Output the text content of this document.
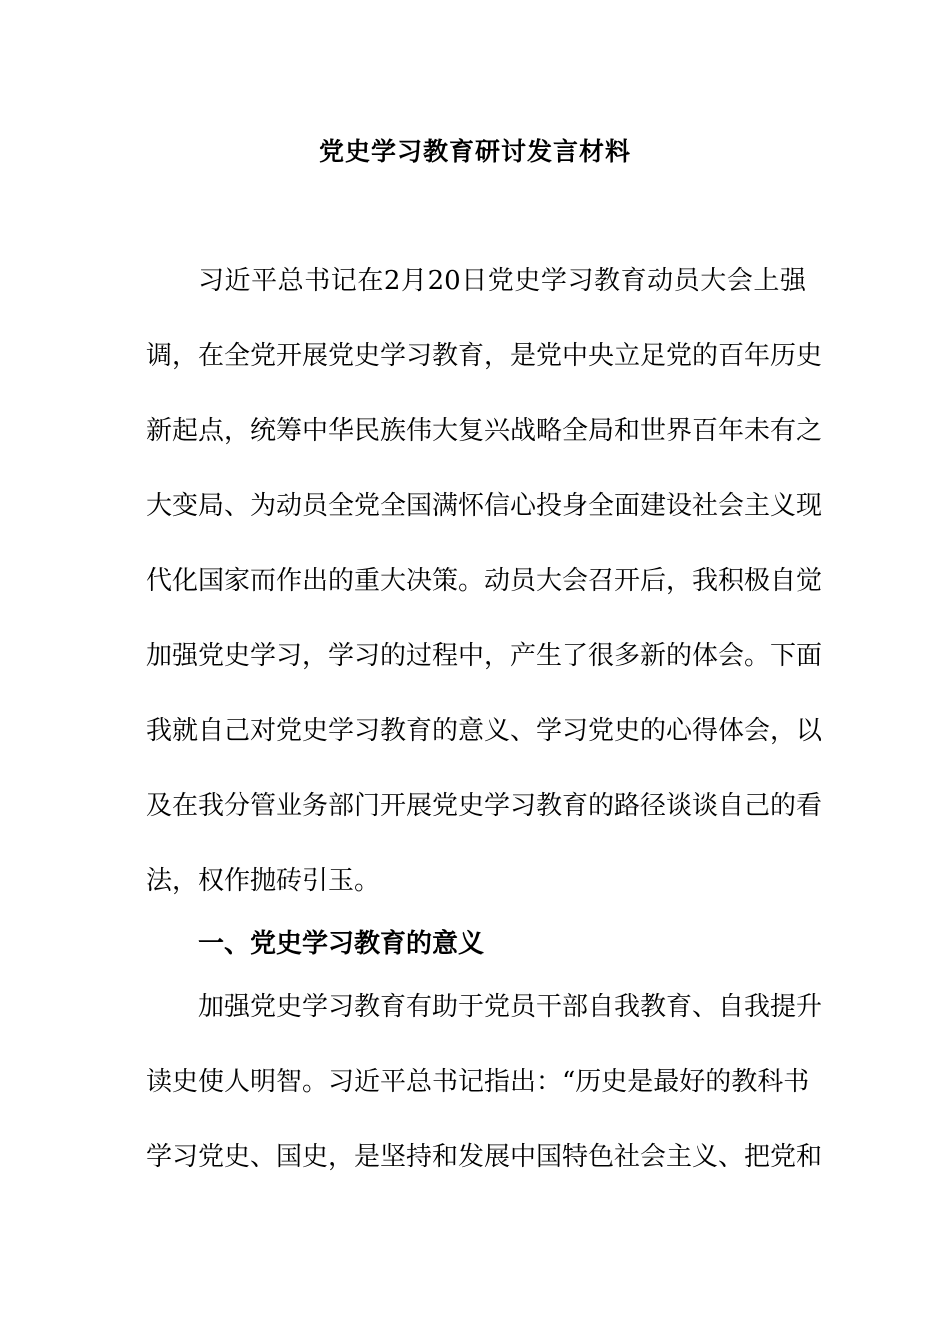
党史学习教育研讨发言材料
习近平总书记在2月20日党史学习教育动员大会上强
调，在全党开展党史学习教育，是党中央立足党的百年历史
新起点，统筹中华民族伟大复兴战略全局和世界百年未有之
大变局、为动员全党全国满怀信心投身全面建设社会主义现
代化国家而作出的重大决策。动员大会召开后，我积极自觉
加强党史学习，学习的过程中，产生了很多新的体会。下面
我就自己对党史学习教育的意义、学习党史的心得体会，以
及在我分管业务部门开展党史学习教育的路径谈谈自己的看
法，权作抛砖引玉。
一、党史学习教育的意义
加强党史学习教育有助于党员干部自我教育、自我提升
读史使人明智。习近平总书记指出：“历史是最好的教科书
学习党史、国史，是坚持和发展中国特色社会主义、把党和
